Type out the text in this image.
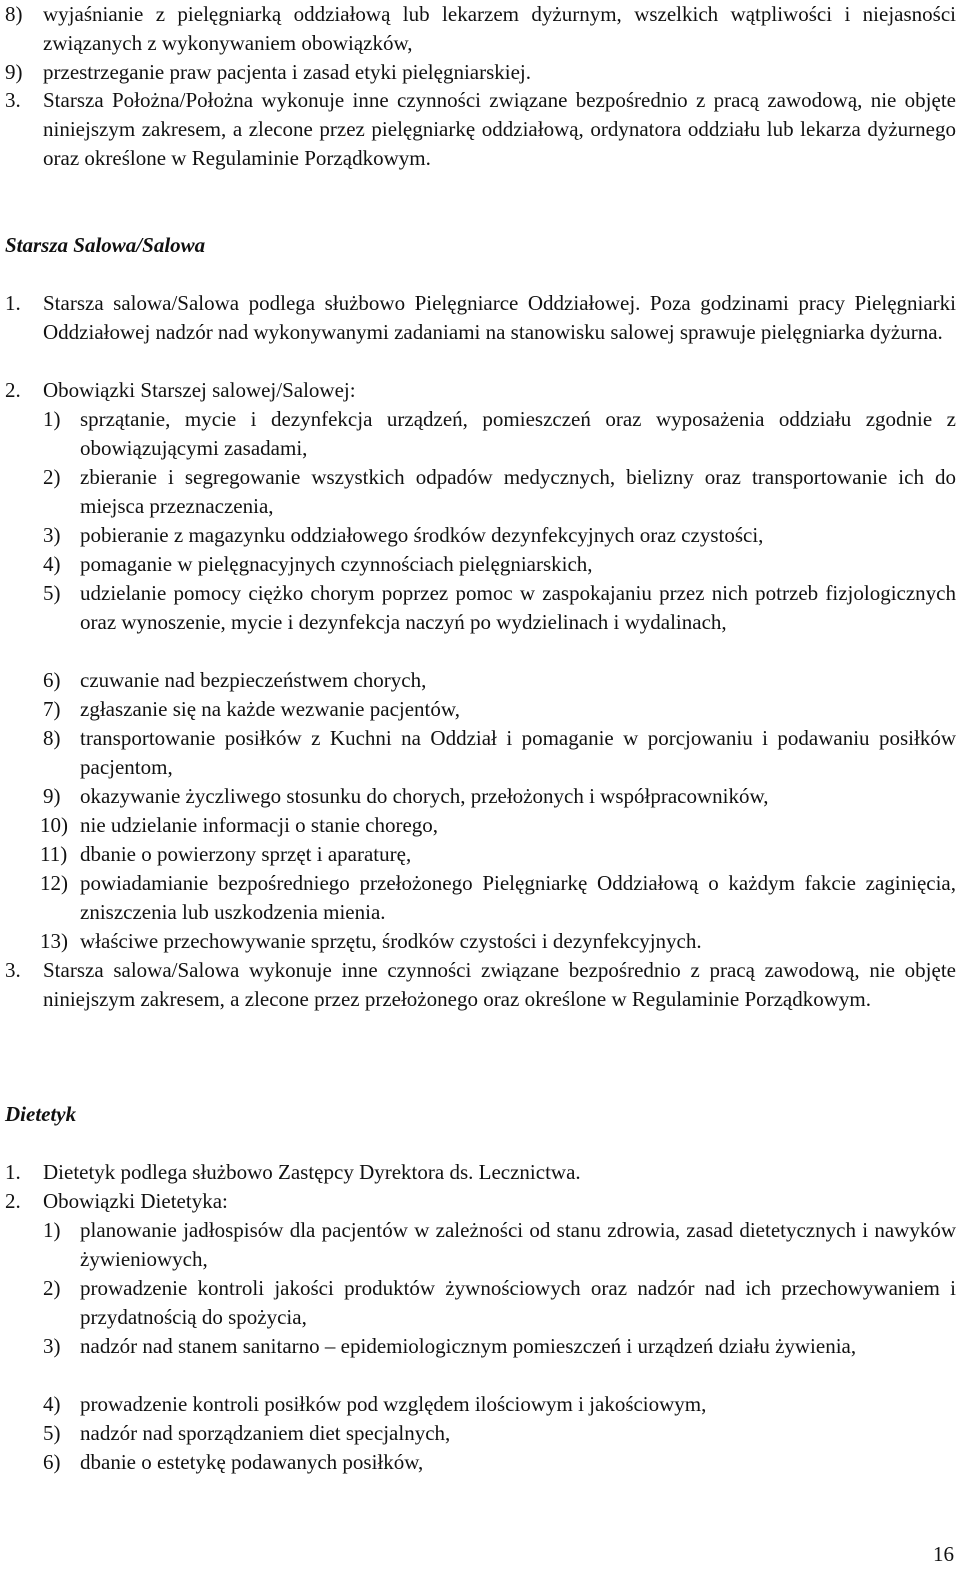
8) wyjaśnianie z pielęgniarką oddziałową lub lekarzem dyżurnym, wszelkich wątpliwości i niejasności związanych z wykonywaniem obowiązków,
9) przestrzeganie praw pacjenta i zasad etyki pielęgniarskiej.
3. Starsza Położna/Położna wykonuje inne czynności związane bezpośrednio z pracą zawodową, nie objęte niniejszym zakresem, a zlecone przez pielęgniarkę oddziałową, ordynatora oddziału lub lekarza dyżurnego oraz określone w Regulaminie Porządkowym.
Starsza Salowa/Salowa
1. Starsza salowa/Salowa podlega służbowo Pielęgniarce Oddziałowej. Poza godzinami pracy Pielęgniarki Oddziałowej nadzór nad wykonywanymi zadaniami na stanowisku salowej sprawuje pielęgniarka dyżurna.
2. Obowiązki Starszej salowej/Salowej:
1) sprzątanie, mycie i dezynfekcja urządzeń, pomieszczeń oraz wyposażenia oddziału zgodnie z obowiązującymi zasadami,
2) zbieranie i segregowanie wszystkich odpadów medycznych, bielizny oraz transportowanie ich do miejsca przeznaczenia,
3) pobieranie z magazynku oddziałowego środków dezynfekcyjnych oraz czystości,
4) pomaganie w pielęgnacyjnych czynnościach pielęgniarskich,
5) udzielanie pomocy ciężko chorym poprzez pomoc w zaspokajaniu przez nich potrzeb fizjologicznych oraz wynoszenie, mycie i dezynfekcja naczyń po wydzielinach i wydalinach,
6) czuwanie nad bezpieczeństwem chorych,
7) zgłaszanie się na każde wezwanie pacjentów,
8) transportowanie posiłków z Kuchni na Oddział i pomaganie w porcjowaniu i podawaniu posiłków pacjentom,
9) okazywanie życzliwego stosunku do chorych, przełożonych i współpracowników,
10) nie udzielanie informacji o stanie chorego,
11) dbanie o powierzony sprzęt i aparaturę,
12) powiadamianie bezpośredniego przełożonego Pielęgniarkę Oddziałową o każdym fakcie zaginięcia, zniszczenia lub uszkodzenia mienia.
13) właściwe przechowywanie sprzętu, środków czystości i dezynfekcyjnych.
3. Starsza salowa/Salowa wykonuje inne czynności związane bezpośrednio z pracą zawodową, nie objęte niniejszym zakresem, a zlecone przez przełożonego oraz określone w Regulaminie Porządkowym.
Dietetyk
1. Dietetyk podlega służbowo Zastępcy Dyrektora ds. Lecznictwa.
2. Obowiązki Dietetyka:
1) planowanie jadłospisów dla pacjentów w zależności od stanu zdrowia, zasad dietetycznych i nawyków żywieniowych,
2) prowadzenie kontroli jakości produktów żywnościowych oraz nadzór nad ich przechowywaniem i przydatnością do spożycia,
3) nadzór nad stanem sanitarno – epidemiologicznym pomieszczeń i urządzeń działu żywienia,
4) prowadzenie kontroli posiłków pod względem ilościowym i jakościowym,
5) nadzór nad sporządzaniem diet specjalnych,
6) dbanie o estetykę podawanych posiłków,
16
